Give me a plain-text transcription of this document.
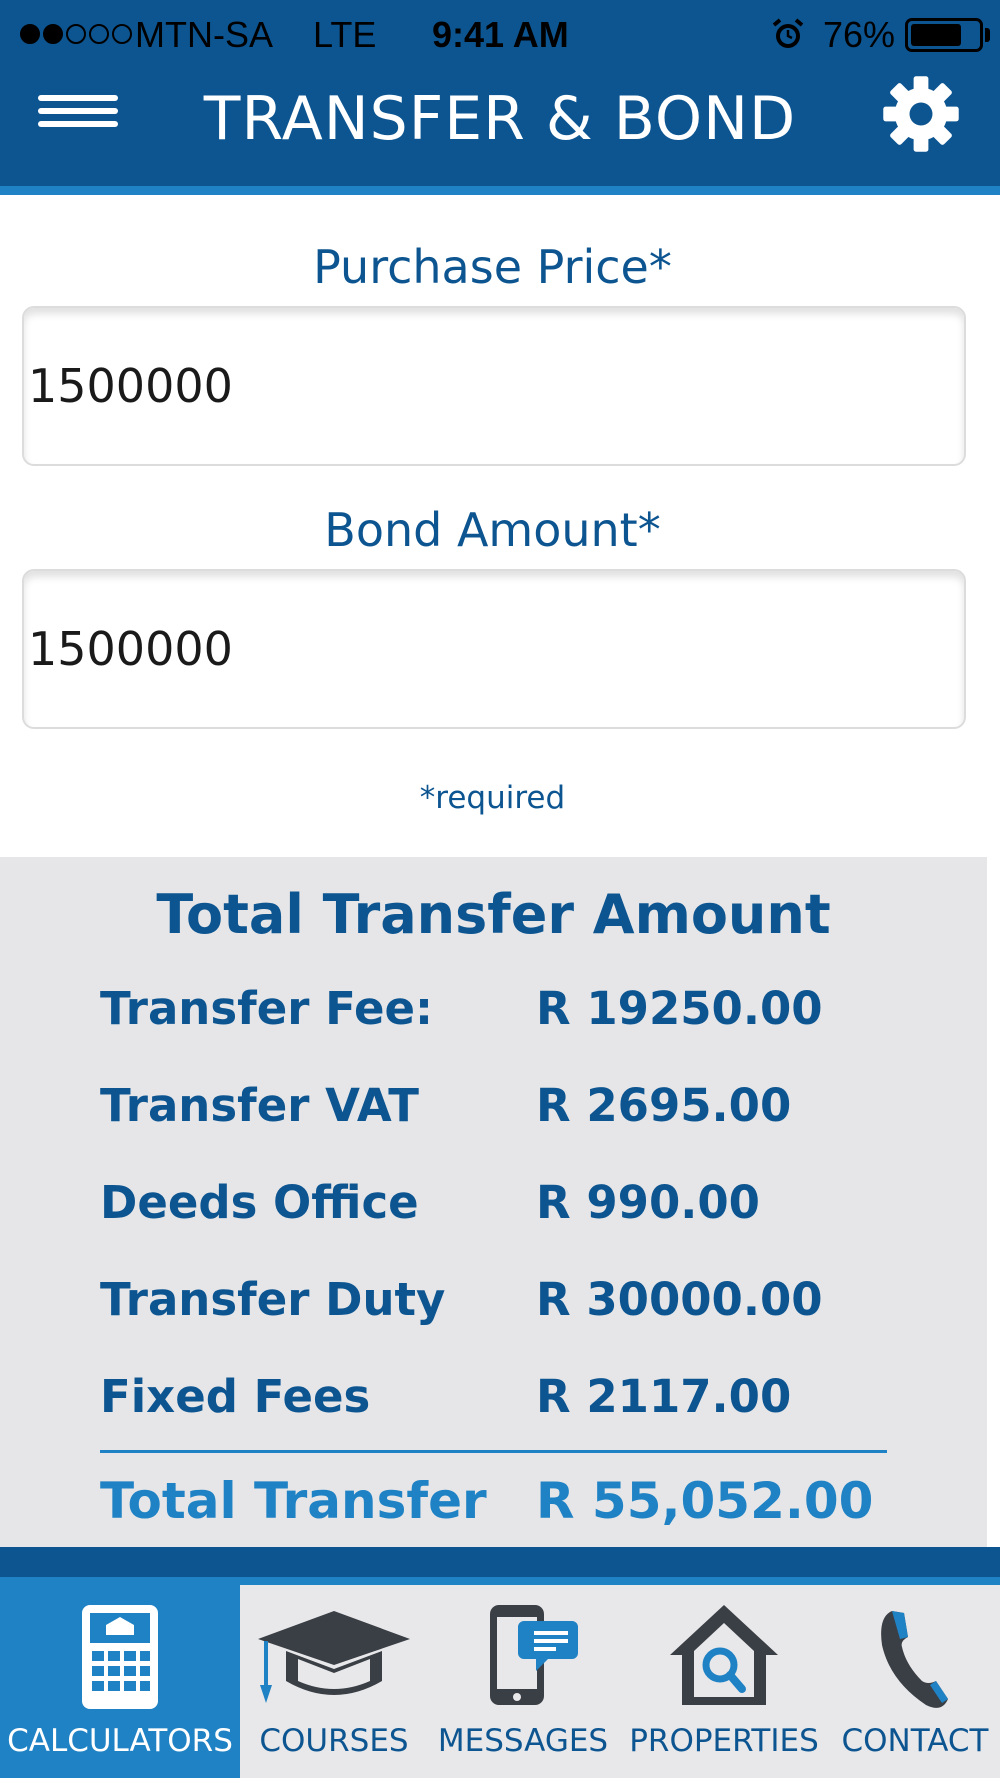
MTN-SA LTE 9:41 AM	76%
TRANSFER & BOND
Purchase Price*
1500000
Bond Amount*
1500000
*required
Total Transfer Amount
Transfer Fee: R 19250.00
Transfer VAT	R 2695.00
Deeds Office	R 990.00
Transfer Duty R 30000.00
Fixed Fees	R 2117.00
Total Transfer R 55,052.00
CALCULATORS COURSES MESSAGES PROPERTIES CONTACT
